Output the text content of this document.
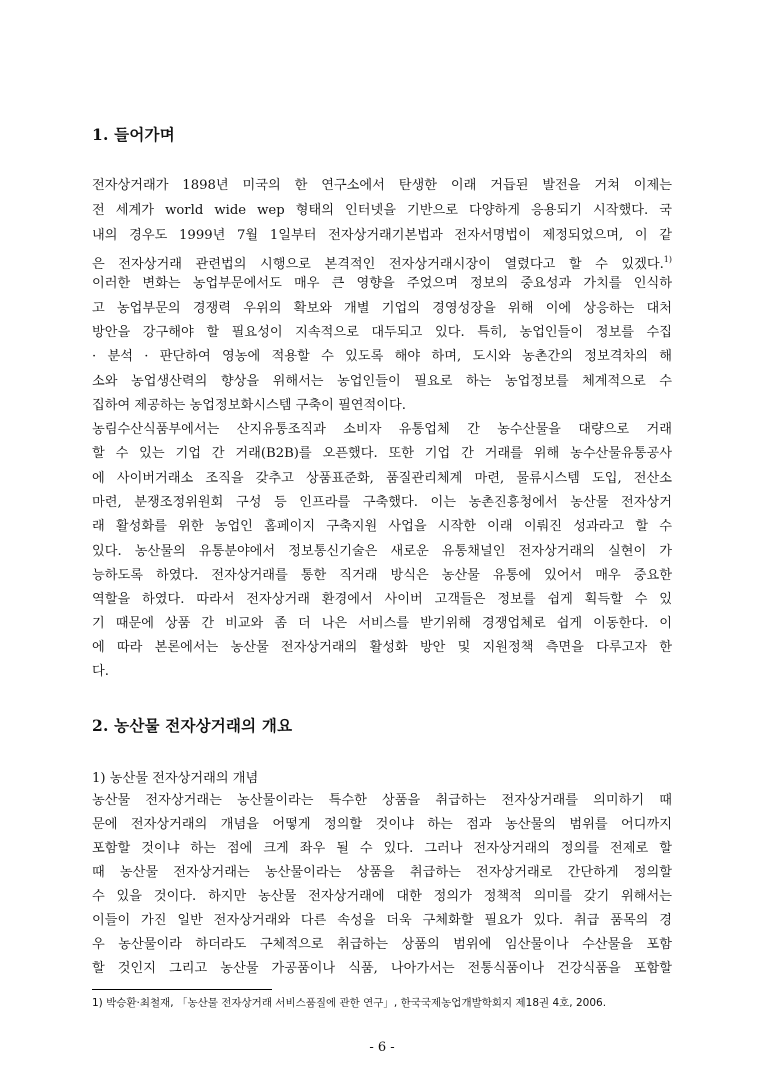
1. 들어가며
전자상거래가 1898년 미국의 한 연구소에서 탄생한 이래 거듭된 발전을 거쳐 이제는
전 세계가 world wide wep 형태의 인터넷을 기반으로 다양하게 응용되기 시작했다. 국
내의 경우도 1999년 7월 1일부터 전자상거래기본법과 전자서명법이 제정되었으며, 이 같
은 전자상거래 관련법의 시행으로 본격적인 전자상거래시장이 열렸다고 할 수 있겠다.$^{1)}$
이러한 변화는 농업부문에서도 매우 큰 영향을 주었으며 정보의 중요성과 가치를 인식하
고 농업부문의 경쟁력 우위의 확보와 개별 기업의 경영성장을 위해 이에 상응하는 대처
방안을 강구해야 할 필요성이 지속적으로 대두되고 있다. 특히, 농업인들이 정보를 수집
· 분석 · 판단하여 영농에 적용할 수 있도록 해야 하며, 도시와 농촌간의 정보격차의 해
소와 농업생산력의 향상을 위해서는 농업인들이 필요로 하는 농업정보를 체계적으로 수
집하여 제공하는 농업정보화시스템 구축이 필연적이다.
농림수산식품부에서는 산지유통조직과 소비자 유통업체 간 농수산물을 대량으로 거래
할 수 있는 기업 간 거래(B2B)를 오픈했다. 또한 기업 간 거래를 위해 농수산물유통공사
에 사이버거래소 조직을 갖추고 상품표준화, 품질관리체계 마련, 물류시스템 도입, 전산소
마련, 분쟁조정위원회 구성 등 인프라를 구축했다. 이는 농촌진흥청에서 농산물 전자상거
래 활성화를 위한 농업인 홈페이지 구축지원 사업을 시작한 이래 이뤄진 성과라고 할 수
있다. 농산물의 유통분야에서 정보통신기술은 새로운 유통채널인 전자상거래의 실현이 가
능하도록 하였다. 전자상거래를 통한 직거래 방식은 농산물 유통에 있어서 매우 중요한
역할을 하였다. 따라서 전자상거래 환경에서 사이버 고객들은 정보를 쉽게 획득할 수 있
기 때문에 상품 간 비교와 좀 더 나은 서비스를 받기위해 경쟁업체로 쉽게 이동한다. 이
에 따라 본론에서는 농산물 전자상거래의 활성화 방안 및 지원정책 측면을 다루고자 한
다.
2. 농산물 전자상거래의 개요
1) 농산물 전자상거래의 개념
농산물 전자상거래는 농산물이라는 특수한 상품을 취급하는 전자상거래를 의미하기 때
문에 전자상거래의 개념을 어떻게 정의할 것이냐 하는 점과 농산물의 범위를 어디까지
포함할 것이냐 하는 점에 크게 좌우 될 수 있다. 그러나 전자상거래의 정의를 전제로 할
때 농산물 전자상거래는 농산물이라는 상품을 취급하는 전자상거래로 간단하게 정의할
수 있을 것이다. 하지만 농산물 전자상거래에 대한 정의가 정책적 의미를 갖기 위해서는
이들이 가진 일반 전자상거래와 다른 속성을 더욱 구체화할 필요가 있다. 취급 품목의 경
우 농산물이라 하더라도 구체적으로 취급하는 상품의 범위에 임산물이나 수산물을 포함
할 것인지 그리고 농산물 가공품이나 식품, 나아가서는 전통식품이나 건강식품을 포함할
1) 박승환·최철재, 「농산물 전자상거래 서비스품질에 관한 연구」, 한국국제농업개발학회지 제18권 4호, 2006.
- 6 -
